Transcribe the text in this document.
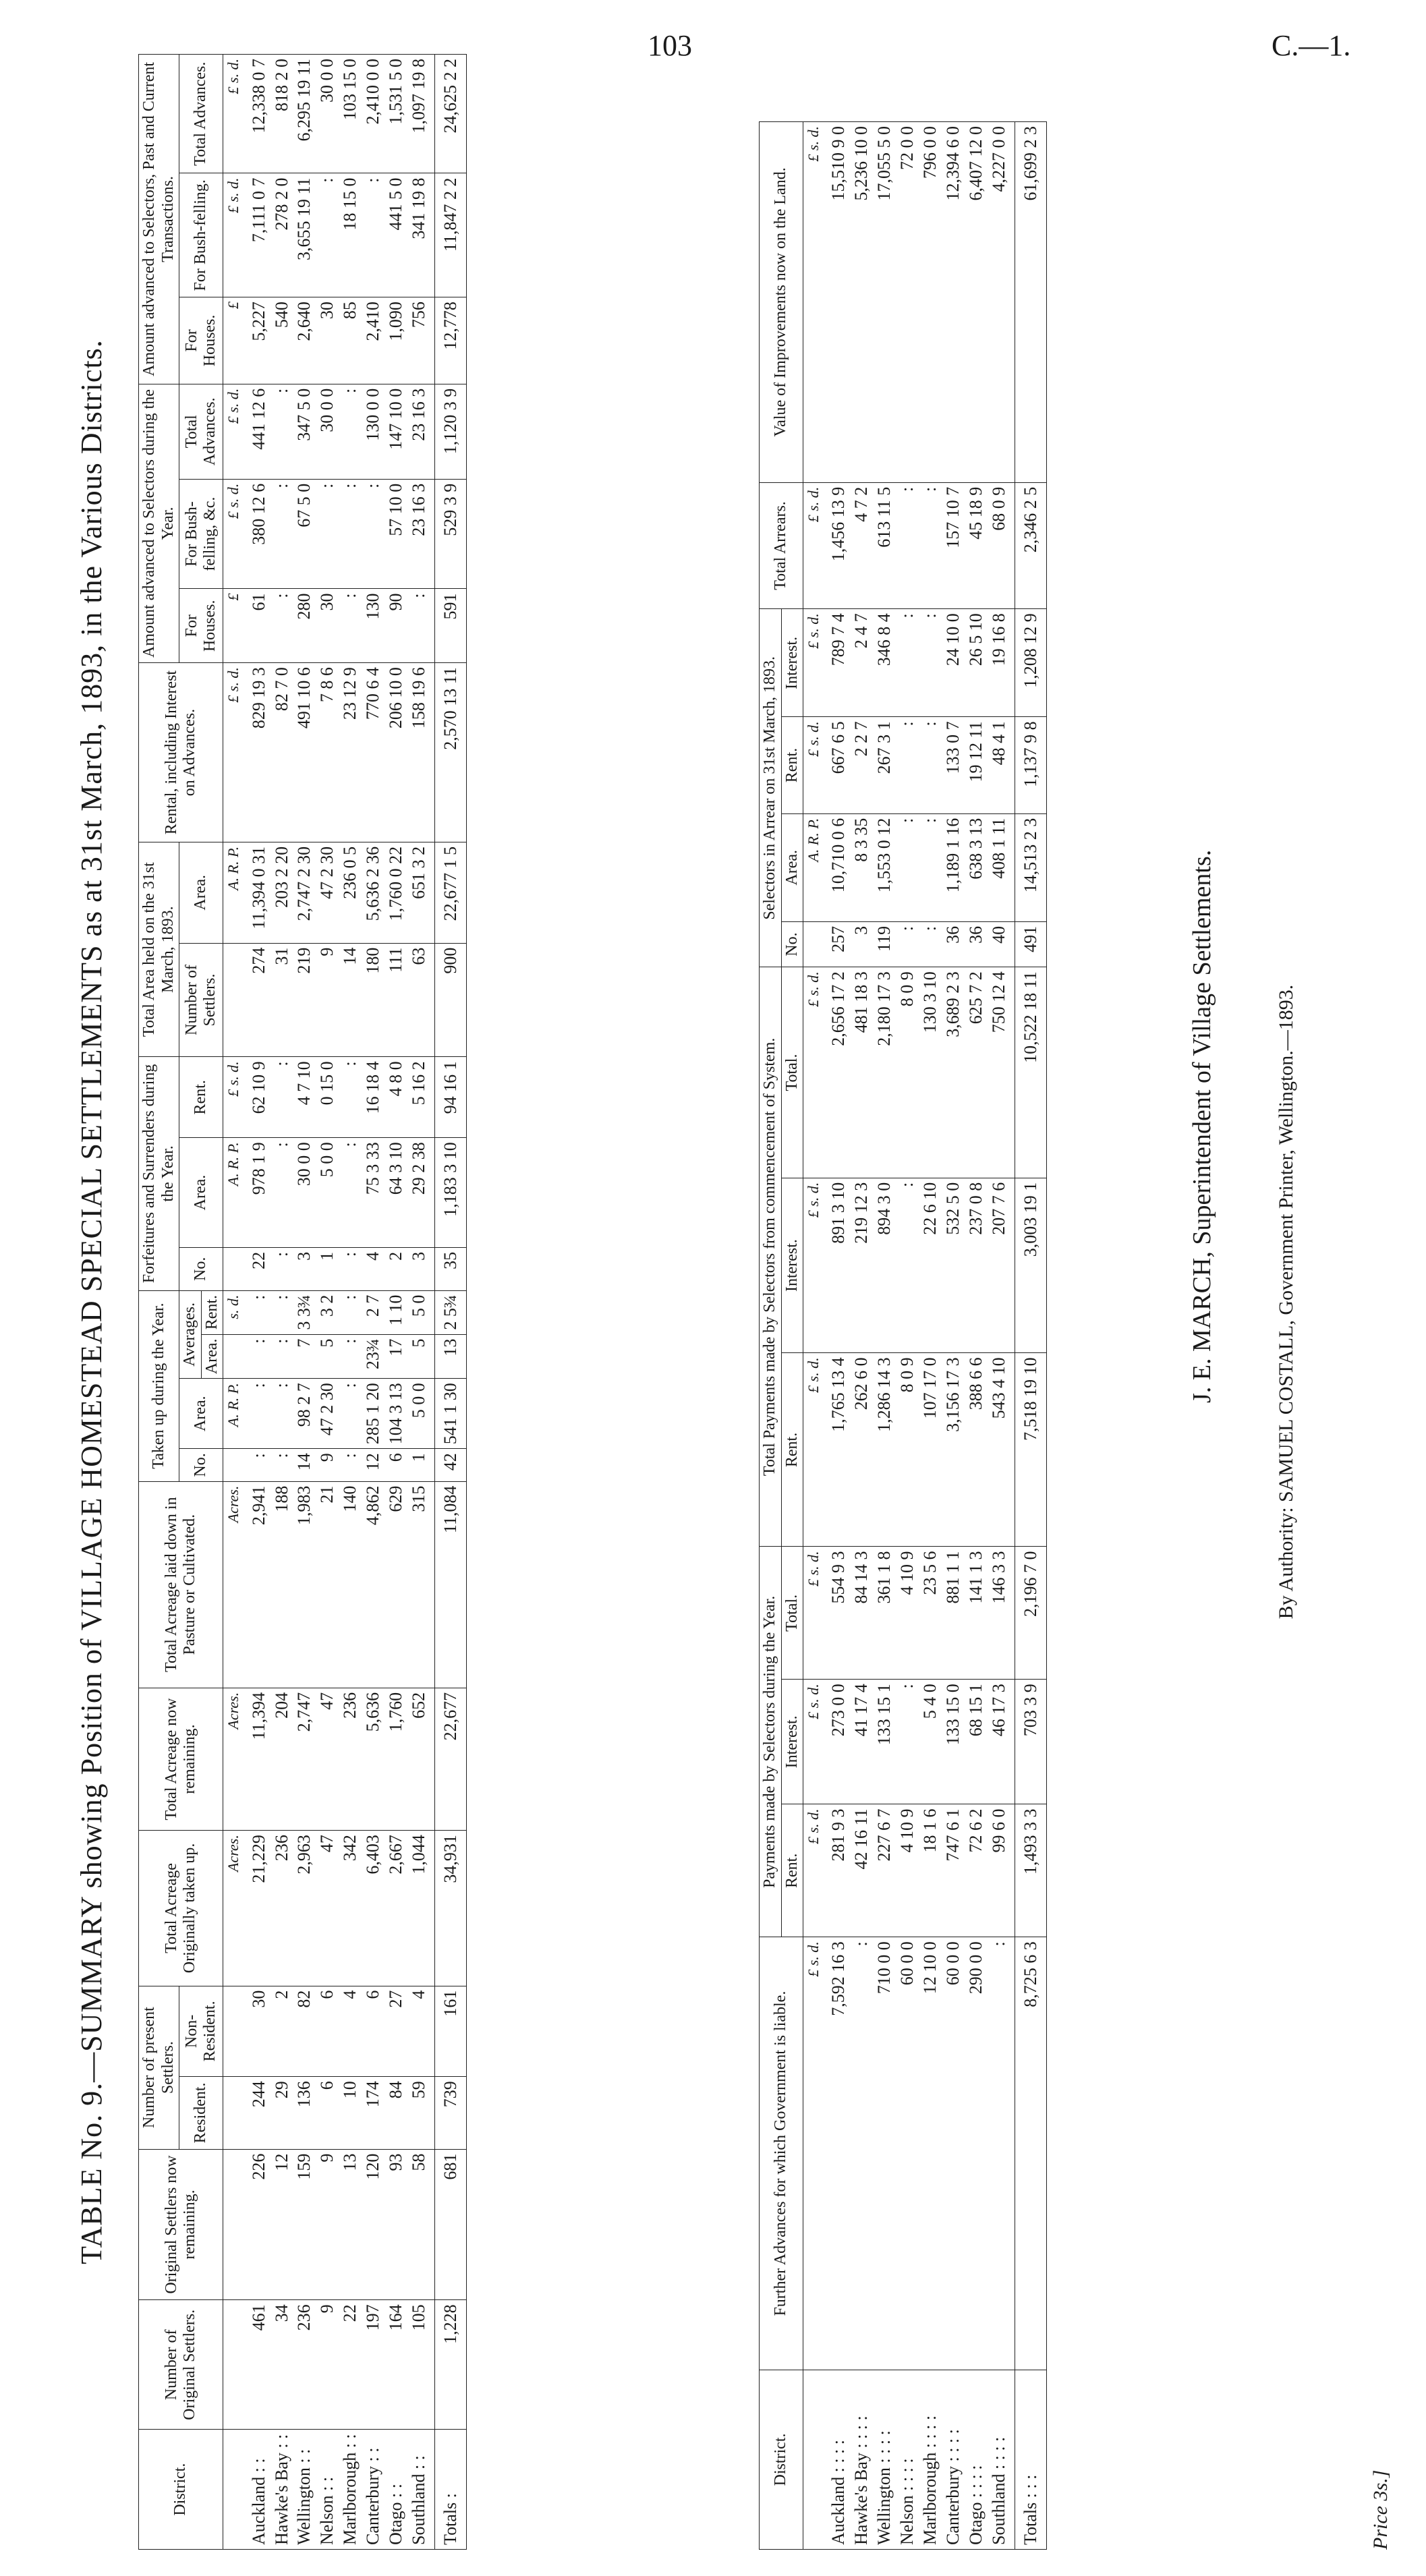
103	C.—1.
TABLE No. 9.—SUMMARY showing Position of VILLAGE HOMESTEAD SPECIAL SETTLEMENTS as at 31st March, 1893, in the Various Districts.
District.	Number of Original Settlers.	Original Settlers now remaining.	Number of present Settlers.		Total Acreage Originally taken up.	Total Acreage now remaining.	Total Acreage laid down in Pasture or Cultivated.	Taken up during the Year.				Forfeitures and Surrenders during the Year.			Total Area held on the 31st March, 1893.		Rental, including Interest on Advances.	Amount advanced to Selectors during the Year.			Amount advanced to Selectors, Past and Current Transactions.		
			Resident.	Non-Resident.				No.	Area.	Averages.		No.	Area.	Rent.	Number of Settlers.	Area.		For Houses.	For Bush-felling, &c.	Total Advances.	For Houses.	For Bush-felling.	Total Advances.
										Area.	Rent.												
					Acres.	Acres.	Acres.		A. R. P.		s. d.		A. R. P.	£ s. d.		A. R. P.	£ s. d.	£	£ s. d.	£ s. d.	£	£ s. d.	£ s. d.
Auckland : :	461	226	244	30	21,229	11,394	2,941	:	:	:	:	22	978 1 9	62 10 9	274	11,394 0 31	829 19 3	61	380 12 6	441 12 6	5,227	7,111 0 7	12,338 0 7
Hawke's Bay : :	34	12	29	2	236	204	188	:	:	:	:	:	:	:	31	203 2 20	82 7 0	:	:	:	540	278 2 0	818 2 0
Wellington : :	236	159	136	82	2,963	2,747	1,983	14	98 2 7	7	3 3¾	3	30 0 0	4 7 10	219	2,747 2 30	491 10 6	280	67 5 0	347 5 0	2,640	3,655 19 11	6,295 19 11
Nelson : :	9	9	6	6	47	47	21	9	47 2 30	5	3 2	1	5 0 0	0 15 0	9	47 2 30	7 8 6	30	:	30 0 0	30	:	30 0 0
Marlborough : :	22	13	10	4	342	236	140	:	:	:	:	:	:	:	14	236 0 5	23 12 9	:	:	:	85	18 15 0	103 15 0
Canterbury : :	197	120	174	6	6,403	5,636	4,862	12	285 1 20	23¾	2 7	4	75 3 33	16 18 4	180	5,636 2 36	770 6 4	130	:	130 0 0	2,410	:	2,410 0 0
Otago : :	164	93	84	27	2,667	1,760	629	6	104 3 13	17	1 10	2	64 3 10	4 8 0	111	1,760 0 22	206 10 0	90	57 10 0	147 10 0	1,090	441 5 0	1,531 5 0
Southland : :	105	58	59	4	1,044	652	315	1	5 0 0	5	5 0	3	29 2 38	5 16 2	63	651 3 2	158 19 6	:	23 16 3	23 16 3	756	341 19 8	1,097 19 8
Totals :	1,228	681	739	161	34,931	22,677	11,084	42	541 1 30	13	2 5¾	35	1,183 3 10	94 16 1	900	22,677 1 5	2,570 13 11	591	529 3 9	1,120 3 9	12,778	11,847 2 2	24,625 2 2
District.	Further Advances for which Government is liable.	Payments made by Selectors during the Year.			Total Payments made by Selectors from commencement of System.			Selectors in Arrear on 31st March, 1893.				Total Arrears.	Value of Improvements now on the Land.
		Rent.	Interest.	Total.	Rent.	Interest.	Total.	No.	Area.	Rent.	Interest.		
	£ s. d.	£ s. d.	£ s. d.	£ s. d.	£ s. d.	£ s. d.	£ s. d.		A. R. P.	£ s. d.	£ s. d.	£ s. d.	£ s. d.
Auckland : : : :	7,592 16 3	281 9 3	273 0 0	554 9 3	1,765 13 4	891 3 10	2,656 17 2	257	10,710 0 6	667 6 5	789 7 4	1,456 13 9	15,510 9 0
Hawke's Bay : : : :	:	42 16 11	41 17 4	84 14 3	262 6 0	219 12 3	481 18 3	3	8 3 35	2 2 7	2 4 7	4 7 2	5,236 10 0
Wellington : : : :	710 0 0	227 6 7	133 15 1	361 1 8	1,286 14 3	894 3 0	2,180 17 3	119	1,553 0 12	267 3 1	346 8 4	613 11 5	17,055 5 0
Nelson : : : :	60 0 0	4 10 9	:	4 10 9	8 0 9	:	8 0 9	:	:	:	:	:	72 0 0
Marlborough : : : :	12 10 0	18 1 6	5 4 0	23 5 6	107 17 0	22 6 10	130 3 10	:	:	:	:	:	796 0 0
Canterbury : : : :	60 0 0	747 6 1	133 15 0	881 1 1	3,156 17 3	532 5 0	3,689 2 3	36	1,189 1 16	133 0 7	24 10 0	157 10 7	12,394 6 0
Otago : : : :	290 0 0	72 6 2	68 15 1	141 1 3	388 6 6	237 0 8	625 7 2	36	638 3 13	19 12 11	26 5 10	45 18 9	6,407 12 0
Southland : : : :	:	99 6 0	46 17 3	146 3 3	543 4 10	207 7 6	750 12 4	40	408 1 11	48 4 1	19 16 8	68 0 9	4,227 0 0
Totals : : :	8,725 6 3	1,493 3 3	703 3 9	2,196 7 0	7,518 19 10	3,003 19 1	10,522 18 11	491	14,513 2 3	1,137 9 8	1,208 12 9	2,346 2 5	61,699 2 3
J. E. MARCH, Superintendent of Village Settlements.	By Authority: SAMUEL COSTALL, Government Printer, Wellington.—1893.
Price 3s.]
